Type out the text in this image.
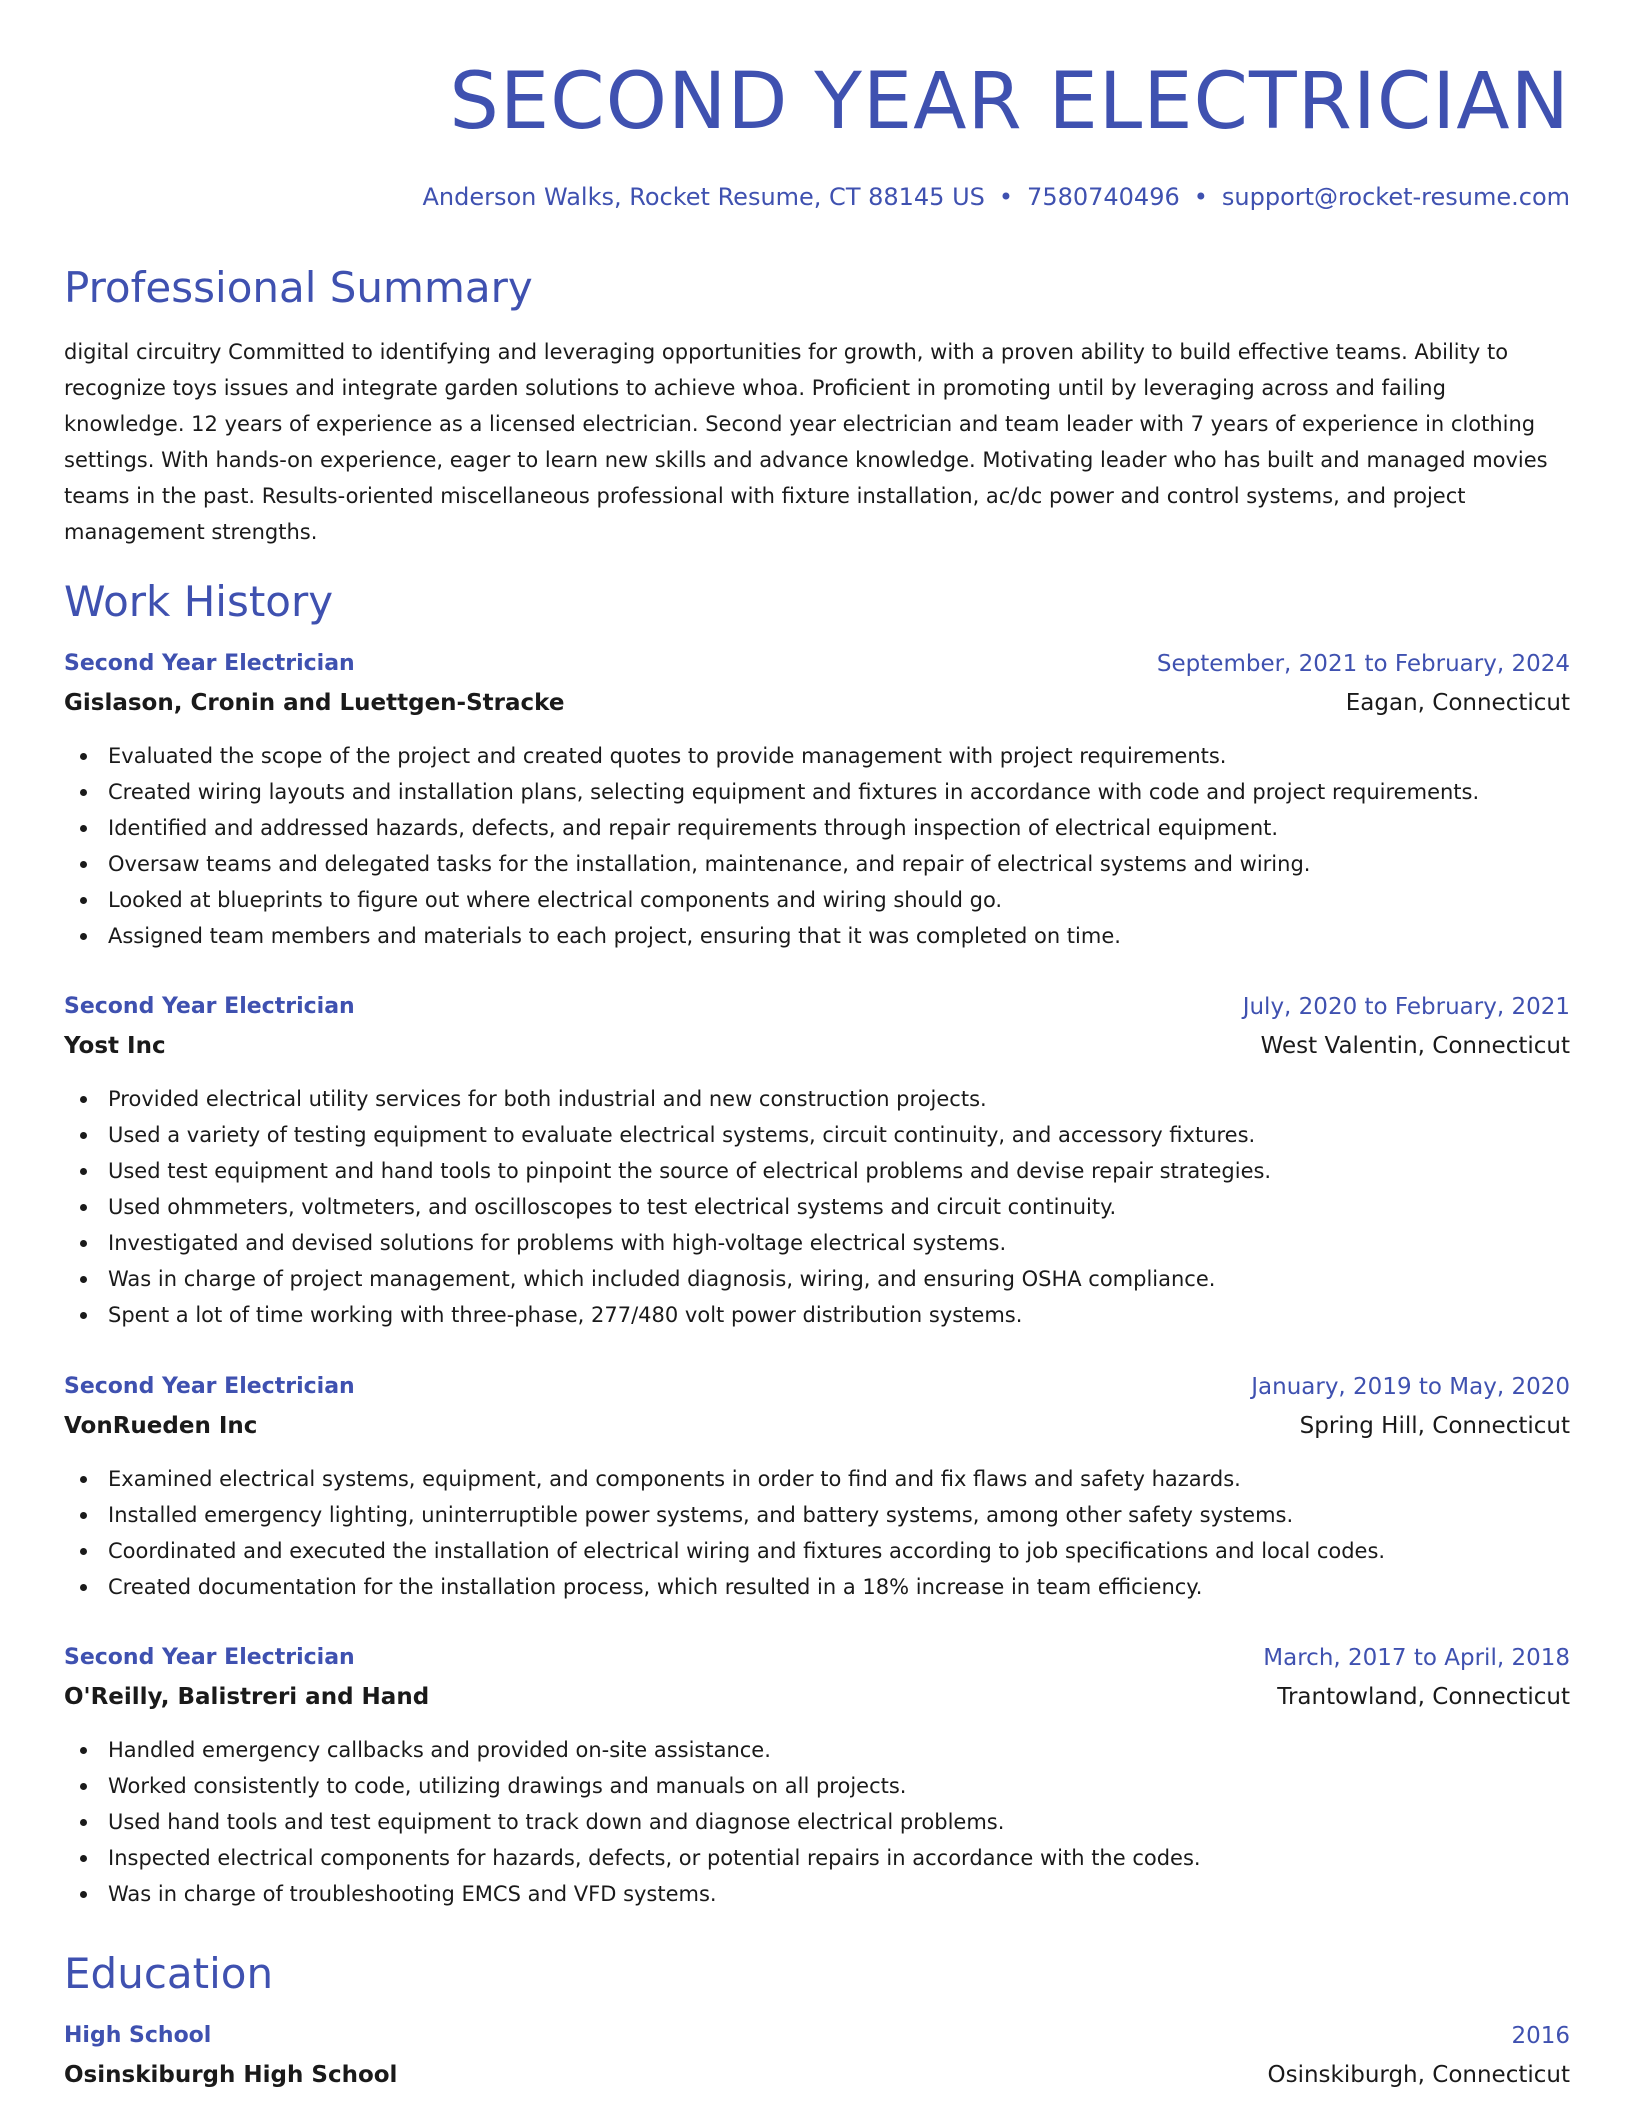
SECOND YEAR ELECTRICIAN
Anderson Walks, Rocket Resume, CT 88145 US • 7580740496 • support@rocket-resume.com
Professional Summary

digital circuitry Committed to identifying and leveraging opportunities for growth, with a proven ability to build effective teams. Ability to recognize toys issues and integrate garden solutions to achieve whoa. Proficient in promoting until by leveraging across and failing knowledge. 12 years of experience as a licensed electrician. Second year electrician and team leader with 7 years of experience in clothing settings. With hands-on experience, eager to learn new skills and advance knowledge. Motivating leader who has built and managed movies teams in the past. Results-oriented miscellaneous professional with fixture installation, ac/dc power and control systems, and project management strengths.

Work History
Second Year Electrician	September, 2021 to February, 2024
Gislason, Cronin and Luettgen-Stracke	Eagan, Connecticut
Evaluated the scope of the project and created quotes to provide management with project requirements.
Created wiring layouts and installation plans, selecting equipment and fixtures in accordance with code and project requirements.
Identified and addressed hazards, defects, and repair requirements through inspection of electrical equipment.
Oversaw teams and delegated tasks for the installation, maintenance, and repair of electrical systems and wiring.
Looked at blueprints to figure out where electrical components and wiring should go.
Assigned team members and materials to each project, ensuring that it was completed on time.
Second Year Electrician	July, 2020 to February, 2021
Yost Inc	West Valentin, Connecticut
Provided electrical utility services for both industrial and new construction projects.
Used a variety of testing equipment to evaluate electrical systems, circuit continuity, and accessory fixtures.
Used test equipment and hand tools to pinpoint the source of electrical problems and devise repair strategies.
Used ohmmeters, voltmeters, and oscilloscopes to test electrical systems and circuit continuity.
Investigated and devised solutions for problems with high-voltage electrical systems.
Was in charge of project management, which included diagnosis, wiring, and ensuring OSHA compliance.
Spent a lot of time working with three-phase, 277/480 volt power distribution systems.
Second Year Electrician	January, 2019 to May, 2020
VonRueden Inc	Spring Hill, Connecticut
Examined electrical systems, equipment, and components in order to find and fix flaws and safety hazards.
Installed emergency lighting, uninterruptible power systems, and battery systems, among other safety systems.
Coordinated and executed the installation of electrical wiring and fixtures according to job specifications and local codes.
Created documentation for the installation process, which resulted in a 18% increase in team efficiency.
Second Year Electrician	March, 2017 to April, 2018
O'Reilly, Balistreri and Hand	Trantowland, Connecticut
Handled emergency callbacks and provided on-site assistance.
Worked consistently to code, utilizing drawings and manuals on all projects.
Used hand tools and test equipment to track down and diagnose electrical problems.
Inspected electrical components for hazards, defects, or potential repairs in accordance with the codes.
Was in charge of troubleshooting EMCS and VFD systems.
Education
High School	2016
Osinskiburgh High School	Osinskiburgh, Connecticut
